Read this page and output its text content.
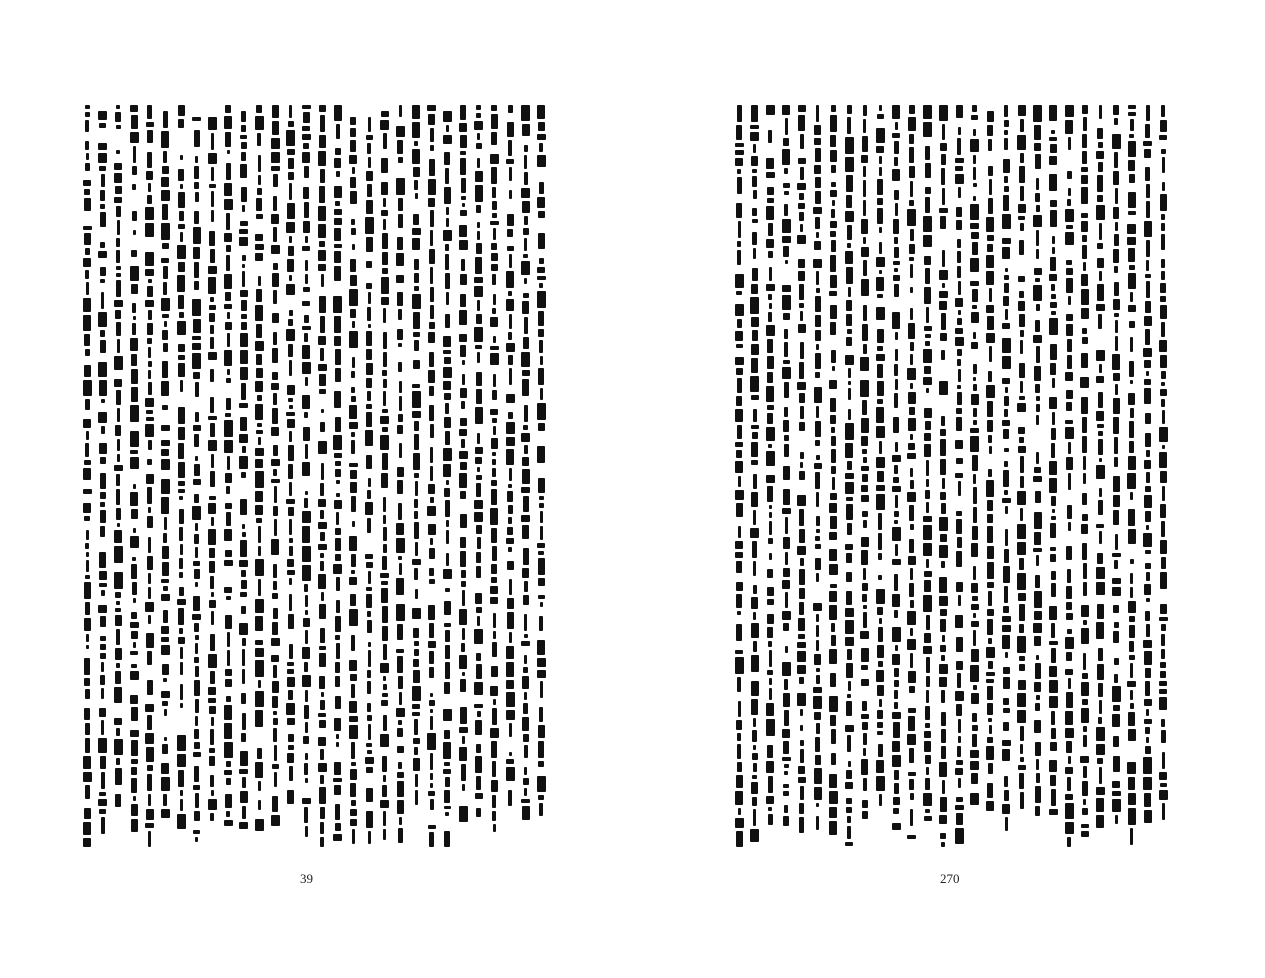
39	270
